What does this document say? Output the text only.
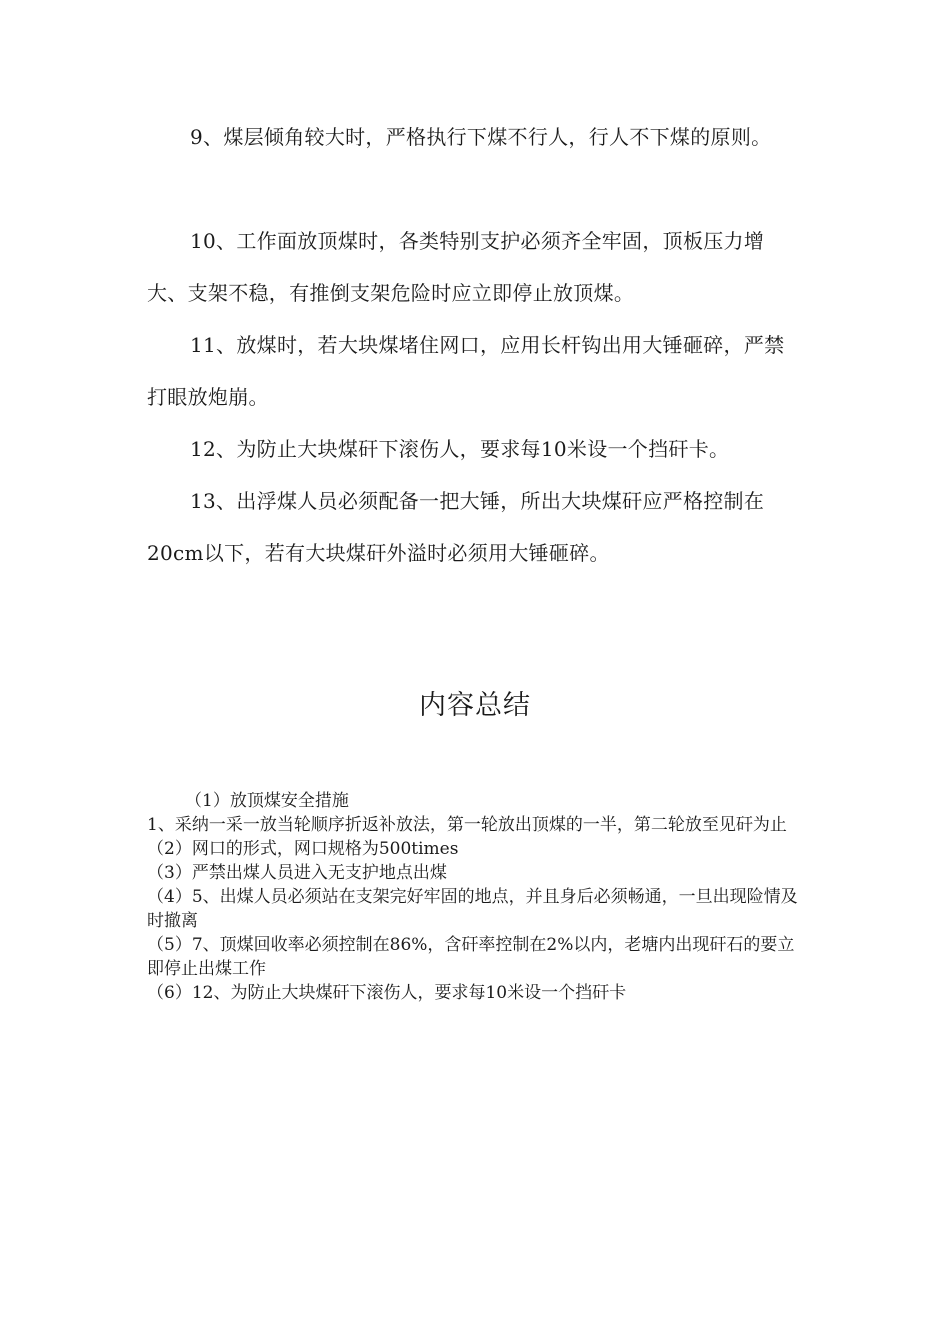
9、煤层倾角较大时，严格执行下煤不行人，行人不下煤的原则。

10、工作面放顶煤时，各类特别支护必须齐全牢固，顶板压力增大、支架不稳，有推倒支架危险时应立即停止放顶煤。

11、放煤时，若大块煤堵住网口，应用长杆钩出用大锤砸碎，严禁打眼放炮崩。

12、为防止大块煤矸下滚伤人，要求每10米设一个挡矸卡。

13、出浮煤人员必须配备一把大锤，所出大块煤矸应严格控制在20cm以下，若有大块煤矸外溢时必须用大锤砸碎。

内容总结
（1）放顶煤安全措施
1、采纳一采一放当轮顺序折返补放法，第一轮放出顶煤的一半，第二轮放至见矸为止
（2）网口的形式，网口规格为500times
（3）严禁出煤人员进入无支护地点出煤
（4）5、出煤人员必须站在支架完好牢固的地点，并且身后必须畅通，一旦出现险情及时撤离
（5）7、顶煤回收率必须控制在86%，含矸率控制在2%以内，老塘内出现矸石的要立即停止出煤工作
（6）12、为防止大块煤矸下滚伤人，要求每10米设一个挡矸卡
